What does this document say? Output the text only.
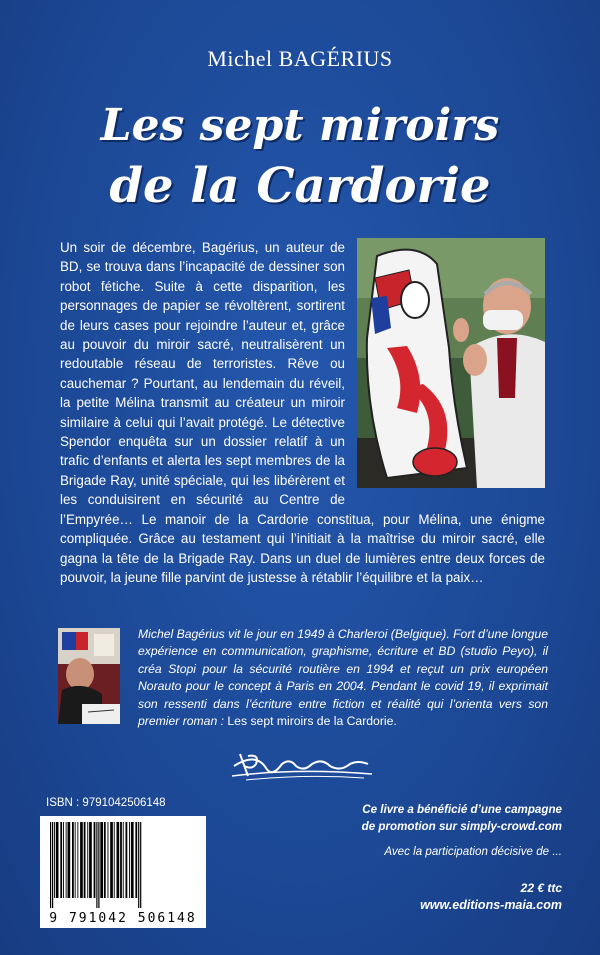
Michel BAGÉRIUS
Les sept miroirs
de la Cardorie
Un soir de décembre, Bagérius, un auteur de BD, se trouva dans l’incapacité de dessiner son robot fétiche. Suite à cette disparition, les personnages de papier se révoltèrent, sortirent de leurs cases pour rejoindre l’auteur et, grâce au pouvoir du miroir sacré, neutralisèrent un redoutable réseau de terroristes. Rêve ou cauchemar ? Pourtant, au lendemain du réveil, la petite Mélina transmit au créateur un miroir similaire à celui qui l’avait protégé. Le détective Spendor enquêta sur un dossier relatif à un trafic d’enfants et alerta les sept membres de la Brigade Ray, unité spéciale, qui les libérèrent et les conduisirent en sécurité au Centre de l’Empyrée… Le manoir de la Cardorie constitua, pour Mélina, une énigme compliquée. Grâce au testament qui l’initiait à la maîtrise du miroir sacré, elle gagna la tête de la Brigade Ray. Dans un duel de lumières entre deux forces de pouvoir, la jeune fille parvint de justesse à rétablir l’équilibre et la paix…
Michel Bagérius vit le jour en 1949 à Charleroi (Belgique). Fort d’une longue expérience en communication, graphisme, écriture et BD (studio Peyo), il créa Stopi pour la sécurité routière en 1994 et reçut un prix européen Norauto pour le concept à Paris en 2004. Pendant le covid 19, il exprimait son ressenti dans l’écriture entre fiction et réalité qui l’orienta vers son premier roman : Les sept miroirs de la Cardorie.
ISBN : 9791042506148
9 791042 506148
Ce livre a bénéficié d’une campagne
de promotion sur simply-crowd.com
Avec la participation décisive de ...
22 € ttc
www.editions-maia.com
